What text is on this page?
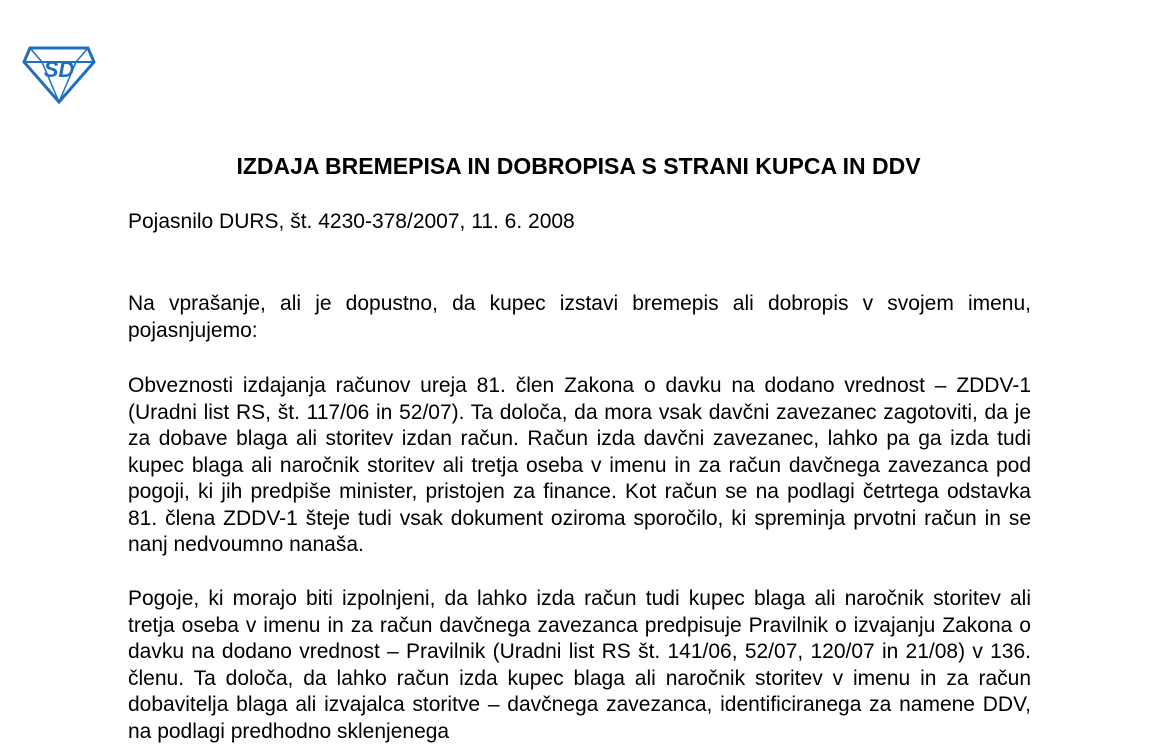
SD
IZDAJA BREMEPISA IN DOBROPISA S STRANI KUPCA IN DDV
Pojasnilo DURS, št. 4230-378/2007, 11. 6. 2008

Na vprašanje, ali je dopustno, da kupec izstavi bremepis ali dobropis v svojem imenu, pojasnjujemo:

Obveznosti izdajanja računov ureja 81. člen Zakona o davku na dodano vrednost – ZDDV-1 (Uradni list RS, št. 117/06 in 52/07). Ta določa, da mora vsak davčni zavezanec zagotoviti, da je za dobave blaga ali storitev izdan račun. Račun izda davčni zavezanec, lahko pa ga izda tudi kupec blaga ali naročnik storitev ali tretja oseba v imenu in za račun davčnega zavezanca pod pogoji, ki jih predpiše minister, pristojen za finance. Kot račun se na podlagi četrtega odstavka 81. člena ZDDV-1 šteje tudi vsak dokument oziroma sporočilo, ki spreminja prvotni račun in se nanj nedvoumno nanaša.

Pogoje, ki morajo biti izpolnjeni, da lahko izda račun tudi kupec blaga ali naročnik storitev ali tretja oseba v imenu in za račun davčnega zavezanca predpisuje Pravilnik o izvajanju Zakona o davku na dodano vrednost – Pravilnik (Uradni list RS št. 141/06, 52/07, 120/07 in 21/08) v 136. členu. Ta določa, da lahko račun izda kupec blaga ali naročnik storitev v imenu in za račun dobavitelja blaga ali izvajalca storitve – davčnega zavezanca, identificiranega za namene DDV, na podlagi predhodno sklenjenega
